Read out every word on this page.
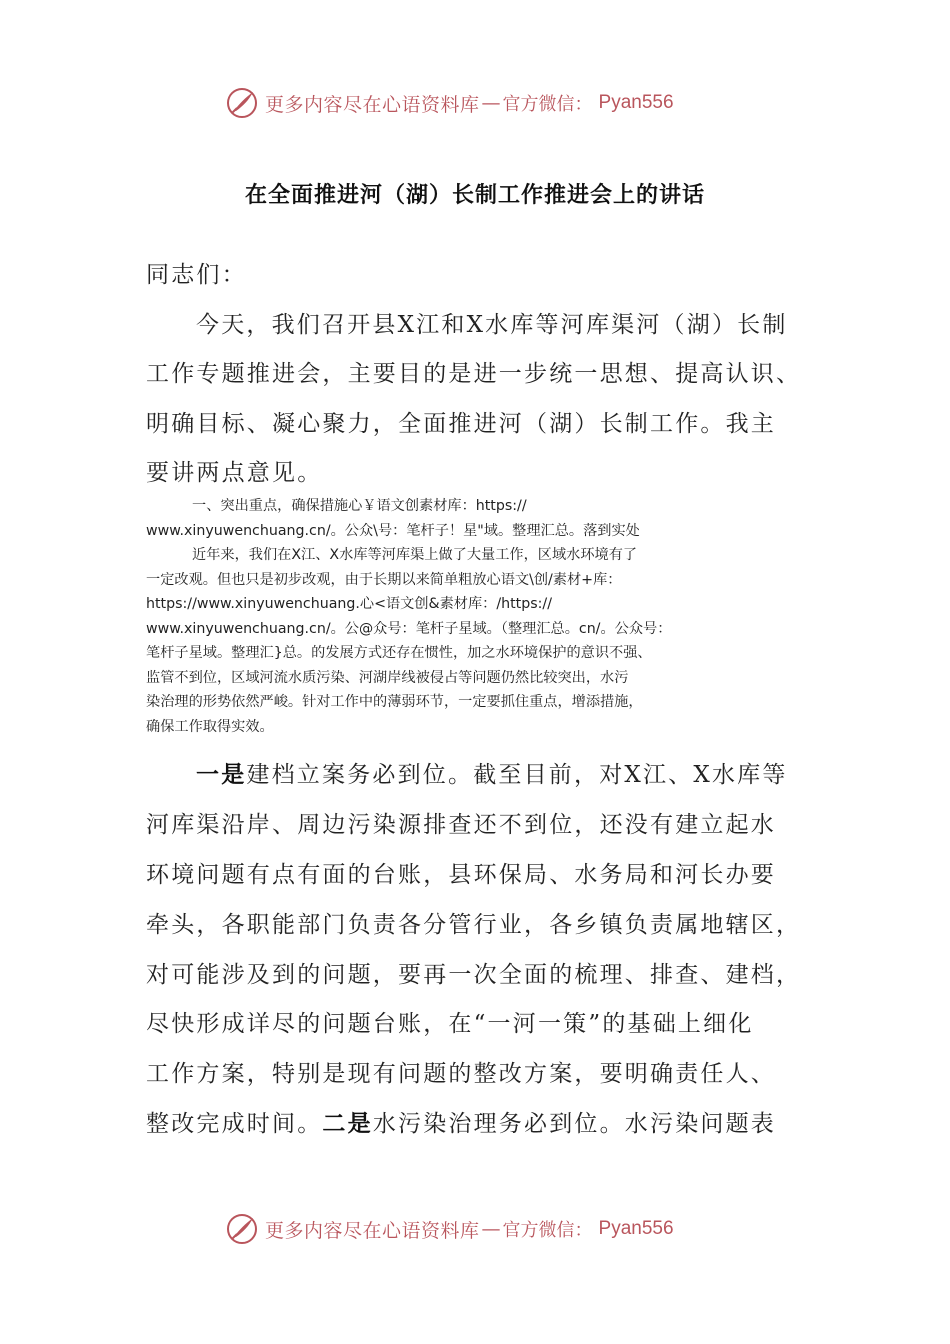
更多内容尽在心语资料库 — 官方微信： Pyan556
在全面推进河（湖）长制工作推进会上的讲话
同志们：
今天，我们召开县X江和X水库等河库渠河（湖）长制
工作专题推进会，主要目的是进一步统一思想、提高认识、
明确目标、凝心聚力，全面推进河（湖）长制工作。我主
要讲两点意见。
一、突出重点，确保措施心￥语文创素材库：https://
www.xinyuwenchuang.cn/。公众\号：笔杆子！星"域。整理汇总。落到实处
近年来，我们在X江、X水库等河库渠上做了大量工作，区域水环境有了
一定改观。但也只是初步改观，由于长期以来简单粗放心语文\创/素材+库：
https://www.xinyuwenchuang.心<语文创&素材库：/https://
www.xinyuwenchuang.cn/。公@众号：笔杆子星域。（整理汇总。cn/。公众号：
笔杆子星域。整理汇}总。的发展方式还存在惯性，加之水环境保护的意识不强、
监管不到位，区域河流水质污染、河湖岸线被侵占等问题仍然比较突出，水污
染治理的形势依然严峻。针对工作中的薄弱环节，一定要抓住重点，增添措施，
确保工作取得实效。
一是建档立案务必到位。截至目前，对X江、X水库等
河库渠沿岸、周边污染源排查还不到位，还没有建立起水
环境问题有点有面的台账，县环保局、水务局和河长办要
牵头，各职能部门负责各分管行业，各乡镇负责属地辖区，
对可能涉及到的问题，要再一次全面的梳理、排查、建档，
尽快形成详尽的问题台账，在“一河一策”的基础上细化
工作方案，特别是现有问题的整改方案，要明确责任人、
整改完成时间。二是水污染治理务必到位。水污染问题表
更多内容尽在心语资料库 — 官方微信： Pyan556
